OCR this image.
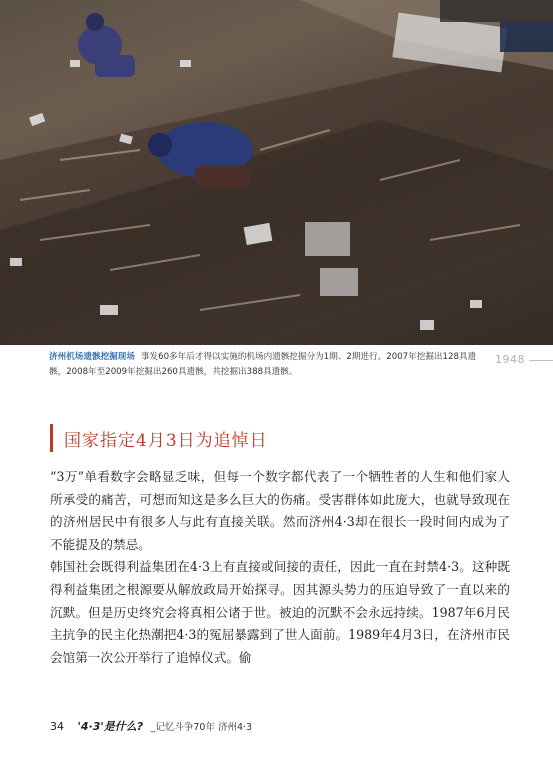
济州机场遗骸挖掘现场 事发60多年后才得以实施的机场内遗骸挖掘分为1期、2期进行。2007年挖掘出128具遗骸，2008年至2009年挖掘出260具遗骸，共挖掘出388具遗骸。
1948
国家指定4月3日为追悼日

“3万”单看数字会略显乏味，但每一个数字都代表了一个牺牲者的人生和他们家人所承受的痛苦，可想而知这是多么巨大的伤痛。受害群体如此庞大，也就导致现在的济州居民中有很多人与此有直接关联。然而济州4·3却在很长一段时间内成为了不能提及的禁忌。

韩国社会既得利益集团在4·3上有直接或间接的责任，因此一直在封禁4·3。这种既得利益集团之根源要从解放政局开始探寻。因其源头势力的压迫导致了一直以来的沉默。但是历史终究会将真相公诸于世。被迫的沉默不会永远持续。1987年6月民主抗争的民主化热潮把4·3的冤屈暴露到了世人面前。1989年4月3日，在济州市民会馆第一次公开举行了追悼仪式。偷

34 '4·3'是什么? _记忆斗争70年 济州4·3
